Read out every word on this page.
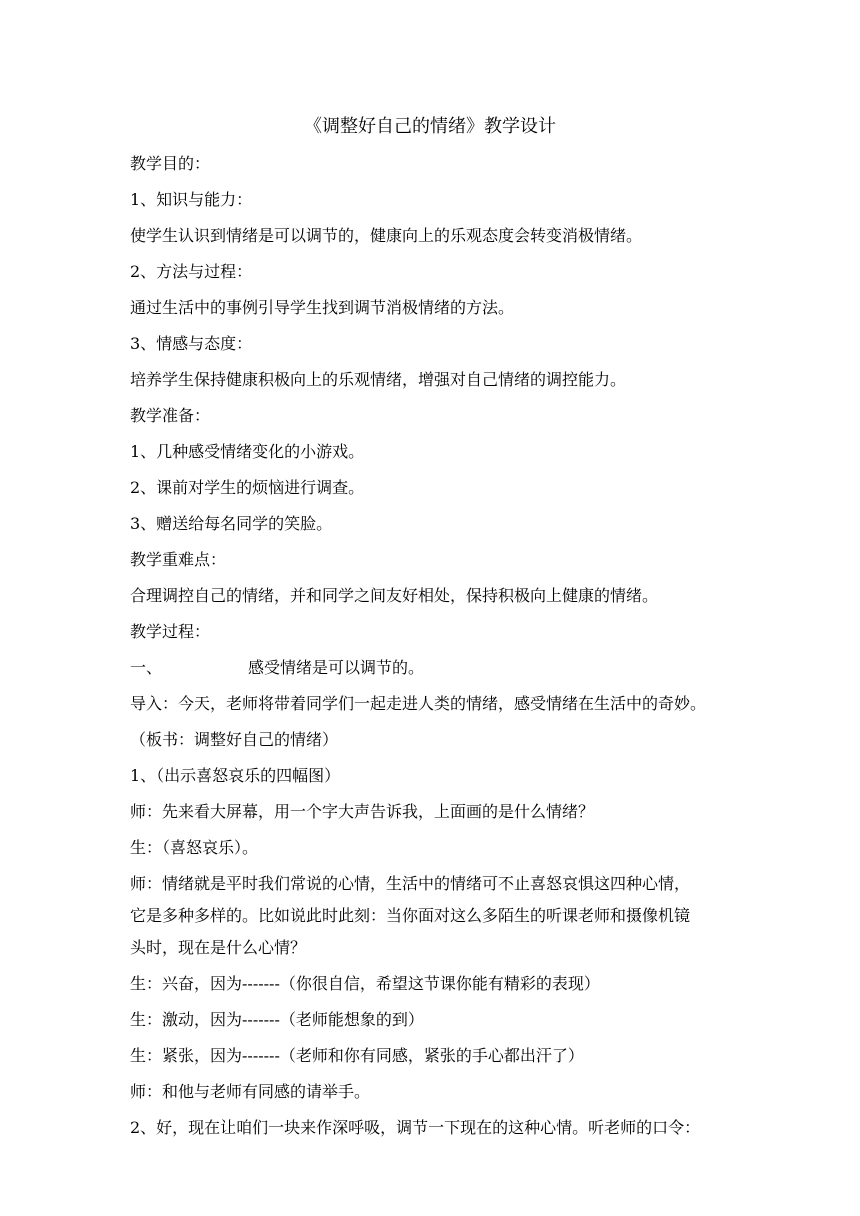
《调整好自己的情绪》教学设计
教学目的：
1、知识与能力：
使学生认识到情绪是可以调节的，健康向上的乐观态度会转变消极情绪。
2、方法与过程：
通过生活中的事例引导学生找到调节消极情绪的方法。
3、情感与态度：
培养学生保持健康积极向上的乐观情绪，增强对自己情绪的调控能力。
教学准备：
1、几种感受情绪变化的小游戏。
2、课前对学生的烦恼进行调查。
3、赠送给每名同学的笑脸。
教学重难点：
合理调控自己的情绪，并和同学之间友好相处，保持积极向上健康的情绪。
教学过程：
一、	感受情绪是可以调节的。
导入：今天，老师将带着同学们一起走进人类的情绪，感受情绪在生活中的奇妙。
（板书：调整好自己的情绪）
1、（出示喜怒哀乐的四幅图）
师：先来看大屏幕，用一个字大声告诉我，上面画的是什么情绪？
生：（喜怒哀乐）。
师：情绪就是平时我们常说的心情，生活中的情绪可不止喜怒哀惧这四种心情，
它是多种多样的。比如说此时此刻：当你面对这么多陌生的听课老师和摄像机镜
头时，现在是什么心情？
生：兴奋，因为-------（你很自信，希望这节课你能有精彩的表现）
生：激动，因为-------（老师能想象的到）
生：紧张，因为-------（老师和你有同感，紧张的手心都出汗了）
师：和他与老师有同感的请举手。
2、好，现在让咱们一块来作深呼吸，调节一下现在的这种心情。听老师的口令：
